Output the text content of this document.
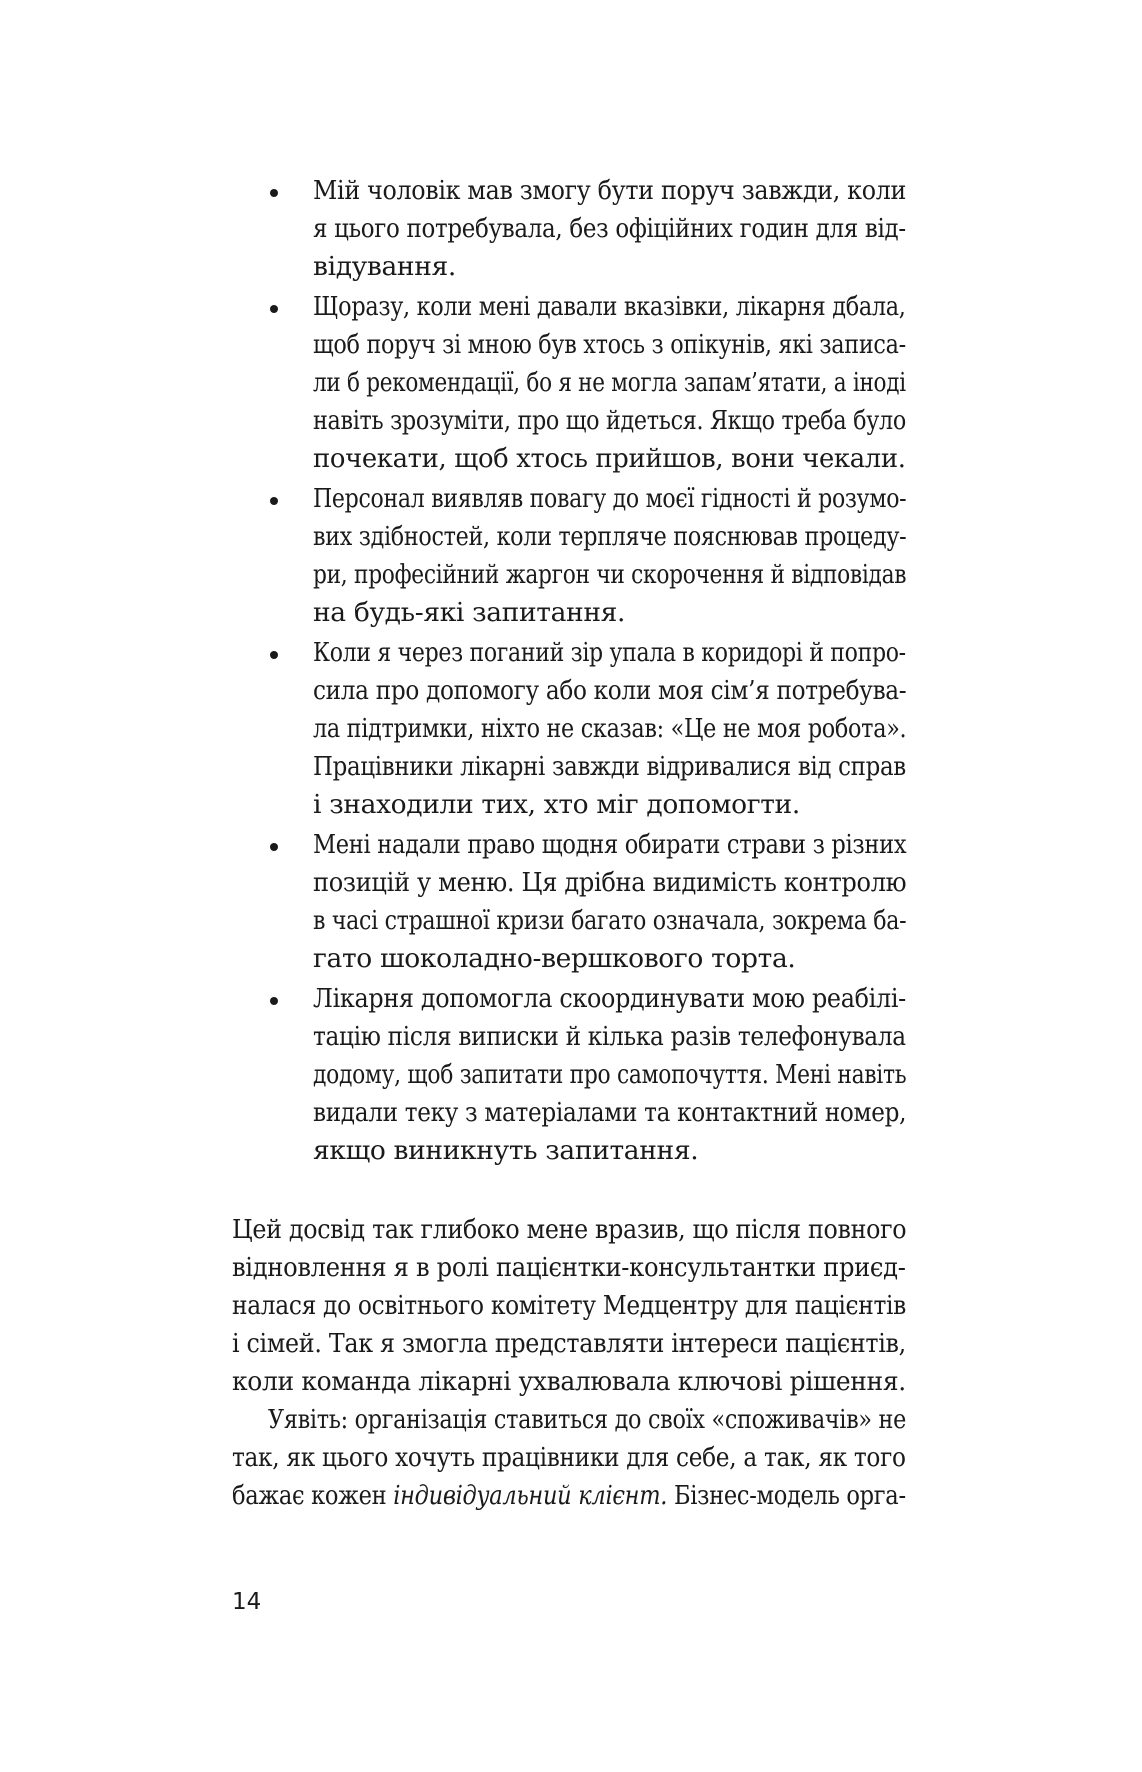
Мій чоловік мав змогу бути поруч завжди, коли
я цього потребувала, без офіційних годин для від-
відування.
Щоразу, коли мені давали вказівки, лікарня дбала,
щоб поруч зі мною був хтось з опікунів, які записа-
ли б рекомендації, бо я не могла запам’ятати, а іноді
навіть зрозуміти, про що йдеться. Якщо треба було
почекати, щоб хтось прийшов, вони чекали.
Персонал виявляв повагу до моєї гідності й розумо-
вих здібностей, коли терпляче пояснював процеду-
ри, професійний жаргон чи скорочення й відповідав
на будь-які запитання.
Коли я через поганий зір упала в коридорі й попро-
сила про допомогу або коли моя сім’я потребува-
ла підтримки, ніхто не сказав: «Це не моя робота».
Працівники лікарні завжди відривалися від справ
і знаходили тих, хто міг допомогти.
Мені надали право щодня обирати страви з різних
позицій у меню. Ця дрібна видимість контролю
в часі страшної кризи багато означала, зокрема ба-
гато шоколадно-вершкового торта.
Лікарня допомогла скоординувати мою реабілі-
тацію після виписки й кілька разів телефонувала
додому, щоб запитати про самопочуття. Мені навіть
видали теку з матеріалами та контактний номер,
якщо виникнуть запитання.
Цей досвід так глибоко мене вразив, що після повного
відновлення я в ролі пацієнтки-консультантки приєд-
налася до освітнього комітету Медцентру для пацієнтів
і сімей. Так я змогла представляти інтереси пацієнтів,
коли команда лікарні ухвалювала ключові рішення.
Уявіть: організація ставиться до своїх «споживачів» не
так, як цього хочуть працівники для себе, а так, як того
бажає кожен індивідуальний клієнт. Бізнес-модель орга-
14
